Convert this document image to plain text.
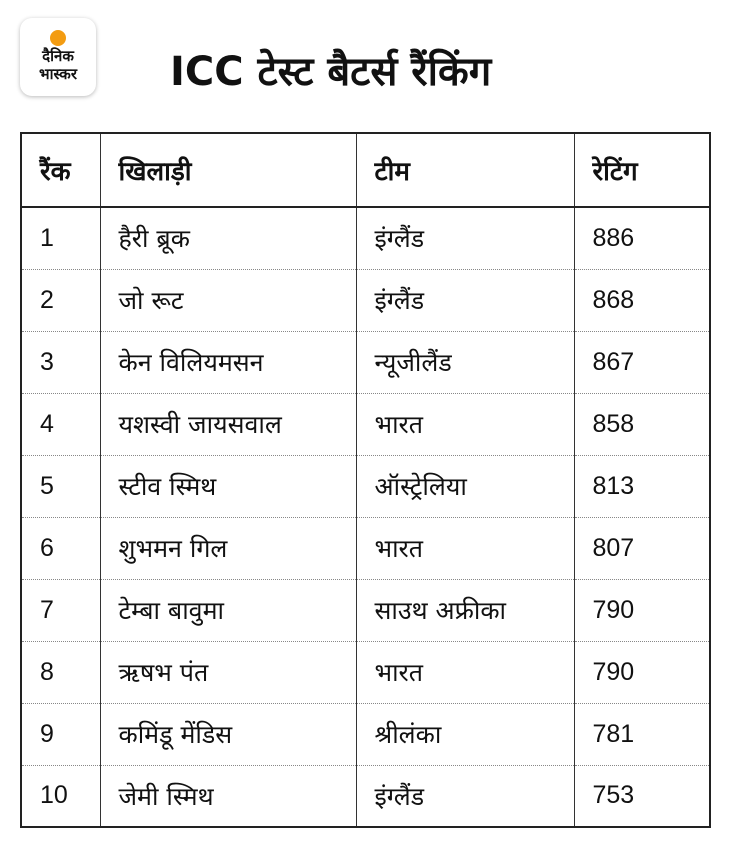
दैनिक
भास्कर	ICC टेस्ट बैटर्स रैंकिंग
रैंक	खिलाड़ी	टीम	रेटिंग
1	हैरी ब्रूक	इंग्लैंड	886
2	जो रूट	इंग्लैंड	868
3	केन विलियमसन	न्यूजीलैंड	867
4	यशस्वी जायसवाल	भारत	858
5	स्टीव स्मिथ	ऑस्ट्रेलिया	813
6	शुभमन गिल	भारत	807
7	टेम्बा बावुमा	साउथ अफ्रीका	790
8	ऋषभ पंत	भारत	790
9	कमिंडू मेंडिस	श्रीलंका	781
10	जेमी स्मिथ	इंग्लैंड	753
